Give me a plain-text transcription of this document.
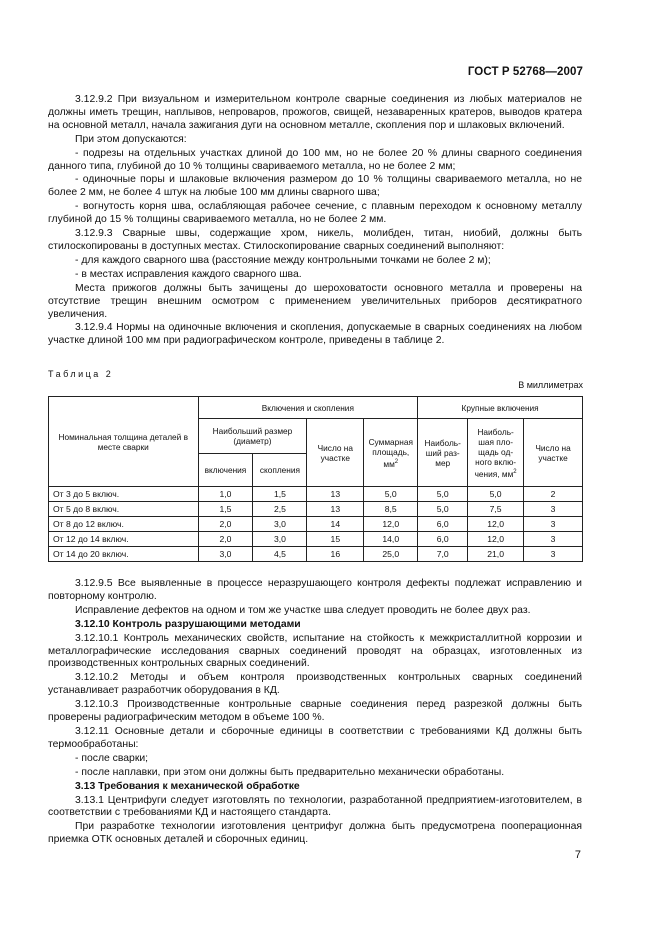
ГОСТ Р 52768—2007

3.12.9.2 При визуальном и измерительном контроле сварные соединения из любых материалов не должны иметь трещин, наплывов, непроваров, прожогов, свищей, незаваренных кратеров, выводов кратера на основной металл, начала зажигания дуги на основном металле, скопления пор и шлаковых включений.

При этом допускаются:

- подрезы на отдельных участках длиной до 100 мм, но не более 20 % длины сварного соединения данного типа, глубиной до 10 % толщины свариваемого металла, но не более 2 мм;

- одиночные поры и шлаковые включения размером до 10 % толщины свариваемого металла, но не более 2 мм, не более 4 штук на любые 100 мм длины сварного шва;

- вогнутость корня шва, ослабляющая рабочее сечение, с плавным переходом к основному металлу глубиной до 15 % толщины свариваемого металла, но не более 2 мм.

3.12.9.3 Сварные швы, содержащие хром, никель, молибден, титан, ниобий, должны быть стилоскопированы в доступных местах. Стилоскопирование сварных соединений выполняют:

- для каждого сварного шва (расстояние между контрольными точками не более 2 м);

- в местах исправления каждого сварного шва.

Места прижогов должны быть зачищены до шероховатости основного металла и проверены на отсутствие трещин внешним осмотром с применением увеличительных приборов десятикратного увеличения.

3.12.9.4 Нормы на одиночные включения и скопления, допускаемые в сварных соединениях на любом участке длиной 100 мм при радиографическом контроле, приведены в таблице 2.

Таблица 2
В миллиметрах
Номинальная толщина деталей в месте сварки	Включения и скопления				Крупные включения		
	Наибольший размер (диаметр)		Число на участке	Суммарная площадь, $мм^2$	Наиболь-ший раз-мер	Наиболь-шая пло-щадь од-ного вклю-чения, $мм^2$	Число на участке
	включения	скопления					
От 3 до 5 включ.	1,0	1,5	13	5,0	5,0	5,0	2
От 5 до 8 включ.	1,5	2,5	13	8,5	5,0	7,5	3
От 8 до 12 включ.	2,0	3,0	14	12,0	6,0	12,0	3
От 12 до 14 включ.	2,0	3,0	15	14,0	6,0	12,0	3
От 14 до 20 включ.	3,0	4,5	16	25,0	7,0	21,0	3

3.12.9.5 Все выявленные в процессе неразрушающего контроля дефекты подлежат исправлению и повторному контролю.

Исправление дефектов на одном и том же участке шва следует проводить не более двух раз.

3.12.10 Контроль разрушающими методами

3.12.10.1 Контроль механических свойств, испытание на стойкость к межкристаллитной коррозии и металлографические исследования сварных соединений проводят на образцах, изготовленных из производственных контрольных сварных соединений.

3.12.10.2 Методы и объем контроля производственных контрольных сварных соединений устанавливает разработчик оборудования в КД.

3.12.10.3 Производственные контрольные сварные соединения перед разрезкой должны быть проверены радиографическим методом в объеме 100 %.

3.12.11 Основные детали и сборочные единицы в соответствии с требованиями КД должны быть термообработаны:

- после сварки;

- после наплавки, при этом они должны быть предварительно механически обработаны.

3.13 Требования к механической обработке

3.13.1 Центрифуги следует изготовлять по технологии, разработанной предприятием-изготовителем, в соответствии с требованиями КД и настоящего стандарта.

При разработке технологии изготовления центрифуг должна быть предусмотрена пооперационная приемка ОТК основных деталей и сборочных единиц.

7
